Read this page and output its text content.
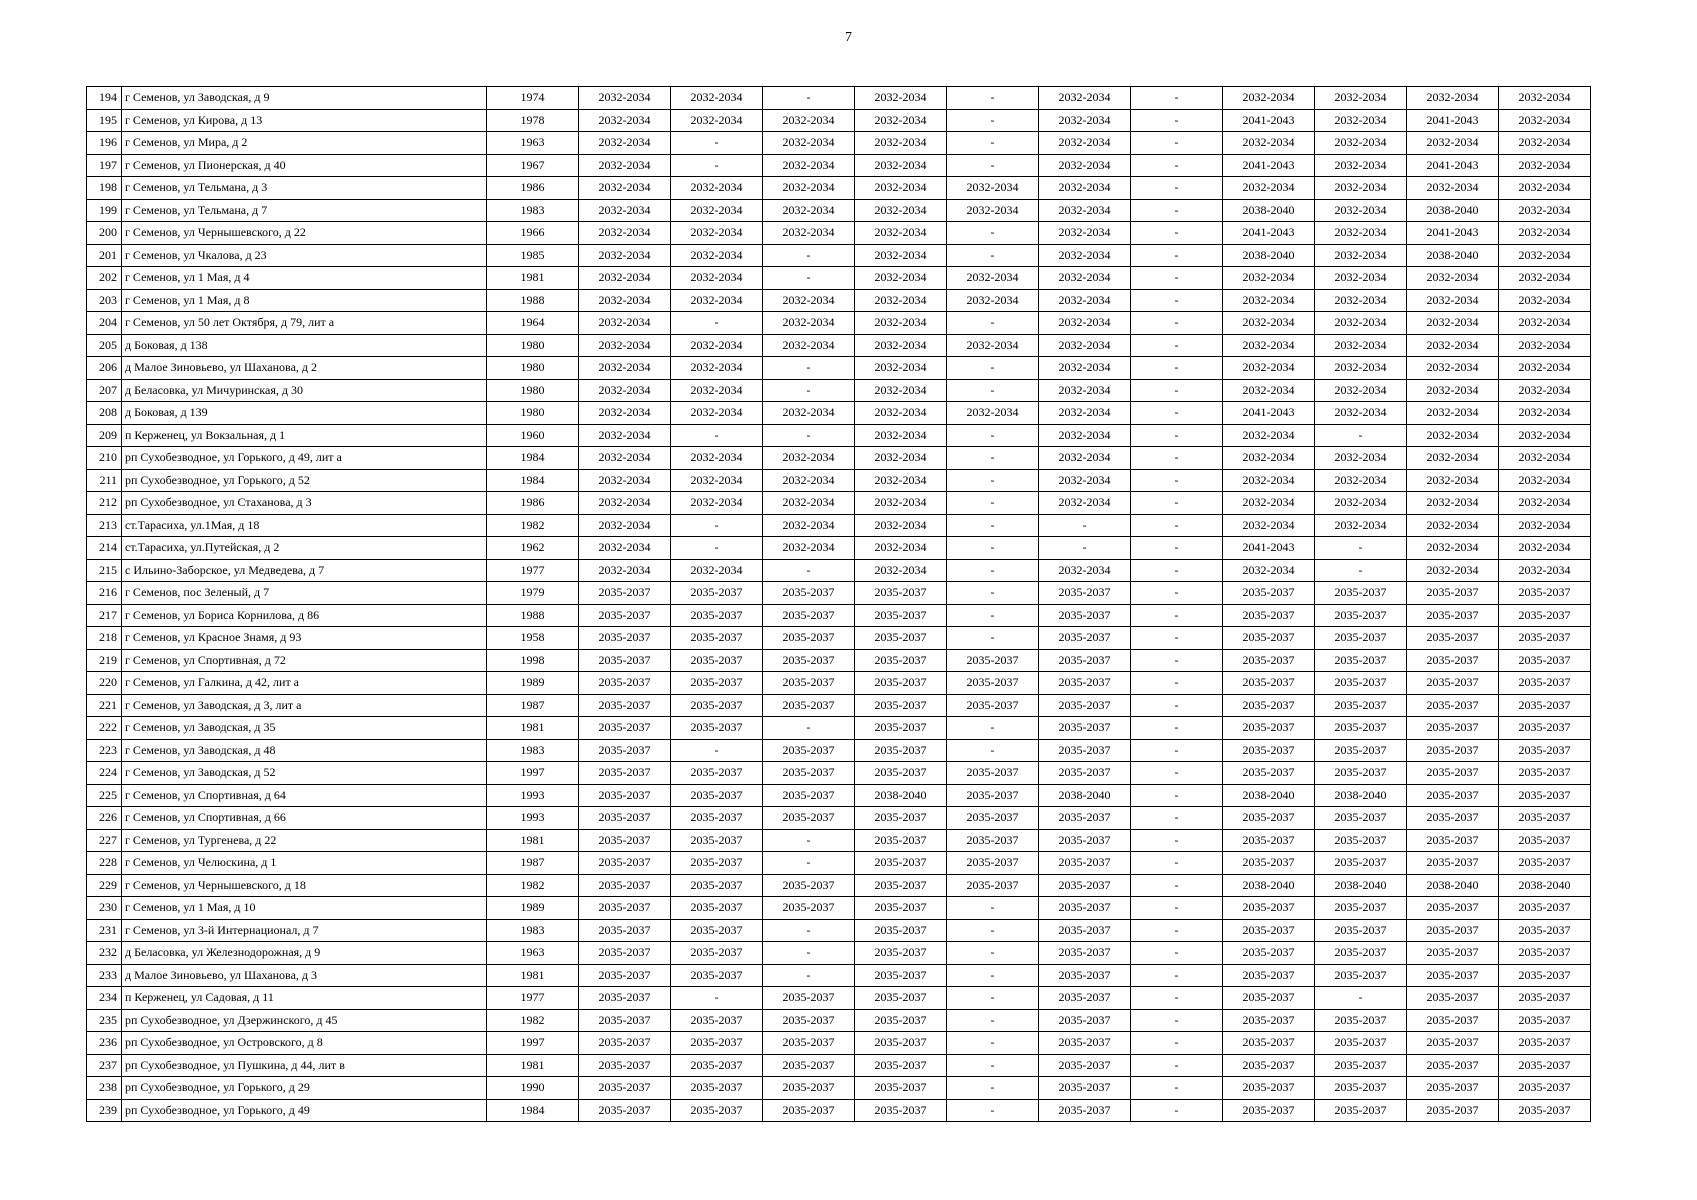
7
194	г Семенов, ул Заводская, д 9	1974	2032-2034	2032-2034	-	2032-2034	-	2032-2034	-	2032-2034	2032-2034	2032-2034	2032-2034
195	г Семенов, ул Кирова, д 13	1978	2032-2034	2032-2034	2032-2034	2032-2034	-	2032-2034	-	2041-2043	2032-2034	2041-2043	2032-2034
196	г Семенов, ул Мира, д 2	1963	2032-2034	-	2032-2034	2032-2034	-	2032-2034	-	2032-2034	2032-2034	2032-2034	2032-2034
197	г Семенов, ул Пионерская, д 40	1967	2032-2034	-	2032-2034	2032-2034	-	2032-2034	-	2041-2043	2032-2034	2041-2043	2032-2034
198	г Семенов, ул Тельмана, д 3	1986	2032-2034	2032-2034	2032-2034	2032-2034	2032-2034	2032-2034	-	2032-2034	2032-2034	2032-2034	2032-2034
199	г Семенов, ул Тельмана, д 7	1983	2032-2034	2032-2034	2032-2034	2032-2034	2032-2034	2032-2034	-	2038-2040	2032-2034	2038-2040	2032-2034
200	г Семенов, ул Чернышевского, д 22	1966	2032-2034	2032-2034	2032-2034	2032-2034	-	2032-2034	-	2041-2043	2032-2034	2041-2043	2032-2034
201	г Семенов, ул Чкалова, д 23	1985	2032-2034	2032-2034	-	2032-2034	-	2032-2034	-	2038-2040	2032-2034	2038-2040	2032-2034
202	г Семенов, ул 1 Мая, д 4	1981	2032-2034	2032-2034	-	2032-2034	2032-2034	2032-2034	-	2032-2034	2032-2034	2032-2034	2032-2034
203	г Семенов, ул 1 Мая, д 8	1988	2032-2034	2032-2034	2032-2034	2032-2034	2032-2034	2032-2034	-	2032-2034	2032-2034	2032-2034	2032-2034
204	г Семенов, ул 50 лет Октября, д 79, лит а	1964	2032-2034	-	2032-2034	2032-2034	-	2032-2034	-	2032-2034	2032-2034	2032-2034	2032-2034
205	д Боковая, д 138	1980	2032-2034	2032-2034	2032-2034	2032-2034	2032-2034	2032-2034	-	2032-2034	2032-2034	2032-2034	2032-2034
206	д Малое Зиновьево, ул Шаханова, д 2	1980	2032-2034	2032-2034	-	2032-2034	-	2032-2034	-	2032-2034	2032-2034	2032-2034	2032-2034
207	д Беласовка, ул Мичуринская, д 30	1980	2032-2034	2032-2034	-	2032-2034	-	2032-2034	-	2032-2034	2032-2034	2032-2034	2032-2034
208	д Боковая, д 139	1980	2032-2034	2032-2034	2032-2034	2032-2034	2032-2034	2032-2034	-	2041-2043	2032-2034	2032-2034	2032-2034
209	п Керженец, ул Вокзальная, д 1	1960	2032-2034	-	-	2032-2034	-	2032-2034	-	2032-2034	-	2032-2034	2032-2034
210	рп Сухобезводное, ул Горького, д 49, лит а	1984	2032-2034	2032-2034	2032-2034	2032-2034	-	2032-2034	-	2032-2034	2032-2034	2032-2034	2032-2034
211	рп Сухобезводное, ул Горького, д 52	1984	2032-2034	2032-2034	2032-2034	2032-2034	-	2032-2034	-	2032-2034	2032-2034	2032-2034	2032-2034
212	рп Сухобезводное, ул Стаханова, д 3	1986	2032-2034	2032-2034	2032-2034	2032-2034	-	2032-2034	-	2032-2034	2032-2034	2032-2034	2032-2034
213	ст.Тарасиха, ул.1Мая, д 18	1982	2032-2034	-	2032-2034	2032-2034	-	-	-	2032-2034	2032-2034	2032-2034	2032-2034
214	ст.Тарасиха, ул.Путейская, д 2	1962	2032-2034	-	2032-2034	2032-2034	-	-	-	2041-2043	-	2032-2034	2032-2034
215	с Ильино-Заборское, ул Медведева, д 7	1977	2032-2034	2032-2034	-	2032-2034	-	2032-2034	-	2032-2034	-	2032-2034	2032-2034
216	г Семенов, пос Зеленый, д 7	1979	2035-2037	2035-2037	2035-2037	2035-2037	-	2035-2037	-	2035-2037	2035-2037	2035-2037	2035-2037
217	г Семенов, ул Бориса Корнилова, д 86	1988	2035-2037	2035-2037	2035-2037	2035-2037	-	2035-2037	-	2035-2037	2035-2037	2035-2037	2035-2037
218	г Семенов, ул Красное Знамя, д 93	1958	2035-2037	2035-2037	2035-2037	2035-2037	-	2035-2037	-	2035-2037	2035-2037	2035-2037	2035-2037
219	г Семенов, ул Спортивная, д 72	1998	2035-2037	2035-2037	2035-2037	2035-2037	2035-2037	2035-2037	-	2035-2037	2035-2037	2035-2037	2035-2037
220	г Семенов, ул Галкина, д 42, лит а	1989	2035-2037	2035-2037	2035-2037	2035-2037	2035-2037	2035-2037	-	2035-2037	2035-2037	2035-2037	2035-2037
221	г Семенов, ул Заводская, д 3, лит а	1987	2035-2037	2035-2037	2035-2037	2035-2037	2035-2037	2035-2037	-	2035-2037	2035-2037	2035-2037	2035-2037
222	г Семенов, ул Заводская, д 35	1981	2035-2037	2035-2037	-	2035-2037	-	2035-2037	-	2035-2037	2035-2037	2035-2037	2035-2037
223	г Семенов, ул Заводская, д 48	1983	2035-2037	-	2035-2037	2035-2037	-	2035-2037	-	2035-2037	2035-2037	2035-2037	2035-2037
224	г Семенов, ул Заводская, д 52	1997	2035-2037	2035-2037	2035-2037	2035-2037	2035-2037	2035-2037	-	2035-2037	2035-2037	2035-2037	2035-2037
225	г Семенов, ул Спортивная, д 64	1993	2035-2037	2035-2037	2035-2037	2038-2040	2035-2037	2038-2040	-	2038-2040	2038-2040	2035-2037	2035-2037
226	г Семенов, ул Спортивная, д 66	1993	2035-2037	2035-2037	2035-2037	2035-2037	2035-2037	2035-2037	-	2035-2037	2035-2037	2035-2037	2035-2037
227	г Семенов, ул Тургенева, д 22	1981	2035-2037	2035-2037	-	2035-2037	2035-2037	2035-2037	-	2035-2037	2035-2037	2035-2037	2035-2037
228	г Семенов, ул Челюскина, д 1	1987	2035-2037	2035-2037	-	2035-2037	2035-2037	2035-2037	-	2035-2037	2035-2037	2035-2037	2035-2037
229	г Семенов, ул Чернышевского, д 18	1982	2035-2037	2035-2037	2035-2037	2035-2037	2035-2037	2035-2037	-	2038-2040	2038-2040	2038-2040	2038-2040
230	г Семенов, ул 1 Мая, д 10	1989	2035-2037	2035-2037	2035-2037	2035-2037	-	2035-2037	-	2035-2037	2035-2037	2035-2037	2035-2037
231	г Семенов, ул 3-й Интернационал, д 7	1983	2035-2037	2035-2037	-	2035-2037	-	2035-2037	-	2035-2037	2035-2037	2035-2037	2035-2037
232	д Беласовка, ул Железнодорожная, д 9	1963	2035-2037	2035-2037	-	2035-2037	-	2035-2037	-	2035-2037	2035-2037	2035-2037	2035-2037
233	д Малое Зиновьево, ул Шаханова, д 3	1981	2035-2037	2035-2037	-	2035-2037	-	2035-2037	-	2035-2037	2035-2037	2035-2037	2035-2037
234	п Керженец, ул Садовая, д 11	1977	2035-2037	-	2035-2037	2035-2037	-	2035-2037	-	2035-2037	-	2035-2037	2035-2037
235	рп Сухобезводное, ул Дзержинского, д 45	1982	2035-2037	2035-2037	2035-2037	2035-2037	-	2035-2037	-	2035-2037	2035-2037	2035-2037	2035-2037
236	рп Сухобезводное, ул Островского, д 8	1997	2035-2037	2035-2037	2035-2037	2035-2037	-	2035-2037	-	2035-2037	2035-2037	2035-2037	2035-2037
237	рп Сухобезводное, ул Пушкина, д 44, лит в	1981	2035-2037	2035-2037	2035-2037	2035-2037	-	2035-2037	-	2035-2037	2035-2037	2035-2037	2035-2037
238	рп Сухобезводное, ул Горького, д 29	1990	2035-2037	2035-2037	2035-2037	2035-2037	-	2035-2037	-	2035-2037	2035-2037	2035-2037	2035-2037
239	рп Сухобезводное, ул Горького, д 49	1984	2035-2037	2035-2037	2035-2037	2035-2037	-	2035-2037	-	2035-2037	2035-2037	2035-2037	2035-2037
